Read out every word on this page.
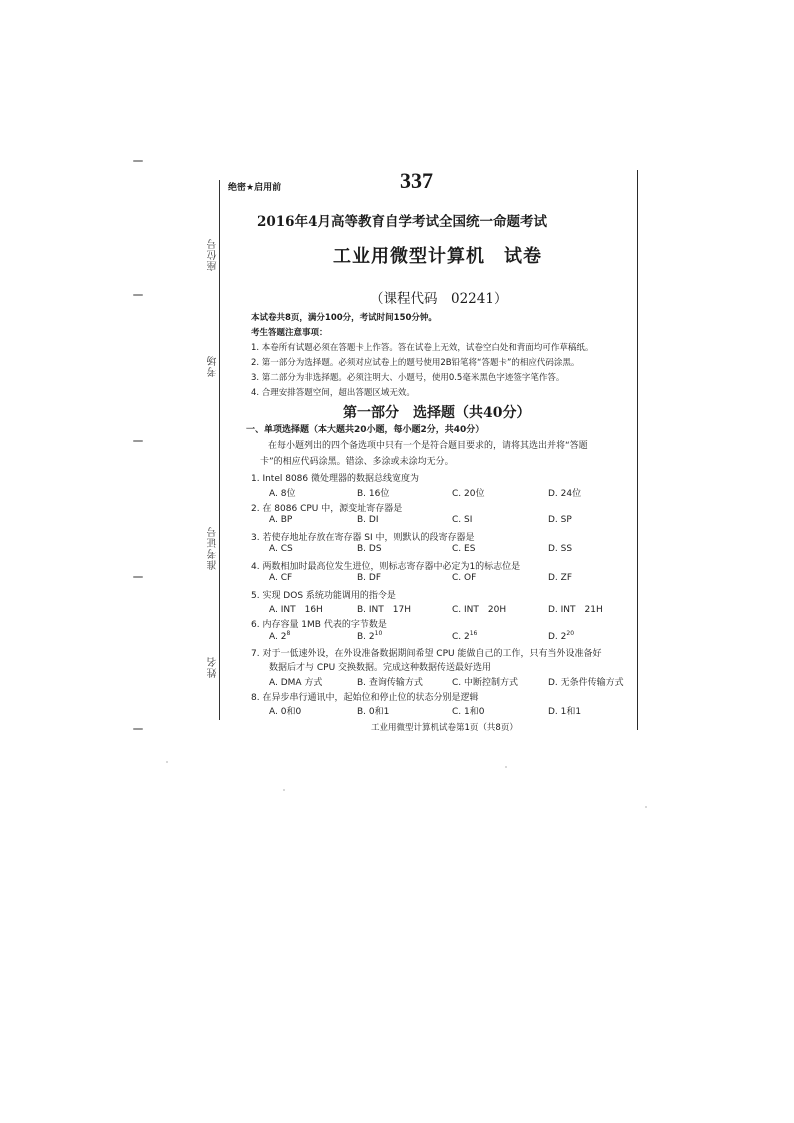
座位号
考场
准考证号
姓名
绝密★启用前	337
2016年4月高等教育自学考试全国统一命题考试
工业用微型计算机　试卷
（课程代码　02241）
本试卷共8页，满分100分，考试时间150分钟。
考生答题注意事项：
1. 本卷所有试题必须在答题卡上作答。答在试卷上无效，试卷空白处和背面均可作草稿纸。
2. 第一部分为选择题。必须对应试卷上的题号使用2B铅笔将“答题卡”的相应代码涂黑。
3. 第二部分为非选择题。必须注明大、小题号，使用0.5毫米黑色字迹签字笔作答。
4. 合理安排答题空间，超出答题区域无效。
第一部分　选择题（共40分）
一、单项选择题（本大题共20小题，每小题2分，共40分）
在每小题列出的四个备选项中只有一个是符合题目要求的，请将其选出并将“答题
卡”的相应代码涂黑。错涂、多涂或未涂均无分。
1. Intel 8086 微处理器的数据总线宽度为
A. 8位	B. 16位	C. 20位	D. 24位
2. 在 8086 CPU 中，源变址寄存器是
A. BP	B. DI	C. SI	D. SP
3. 若使存地址存放在寄存器 SI 中，则默认的段寄存器是
A. CS	B. DS	C. ES	D. SS
4. 两数相加时最高位发生进位，则标志寄存器中必定为1的标志位是
A. CF	B. DF	C. OF	D. ZF
5. 实现 DOS 系统功能调用的指令是
A. INT　16H	B. INT　17H	C. INT　20H	D. INT　21H
6. 内存容量 1MB 代表的字节数是
A. $2^8$	B. $2^{10}$	C. $2^{16}$	D. $2^{20}$
7. 对于一低速外设，在外设准备数据期间希望 CPU 能做自己的工作，只有当外设准备好
数据后才与 CPU 交换数据。完成这种数据传送最好选用
A. DMA 方式	B. 查询传输方式	C. 中断控制方式	D. 无条件传输方式
8. 在异步串行通讯中，起始位和停止位的状态分别是逻辑
A. 0和0	B. 0和1	C. 1和0	D. 1和1
工业用微型计算机试卷第1页（共8页）
